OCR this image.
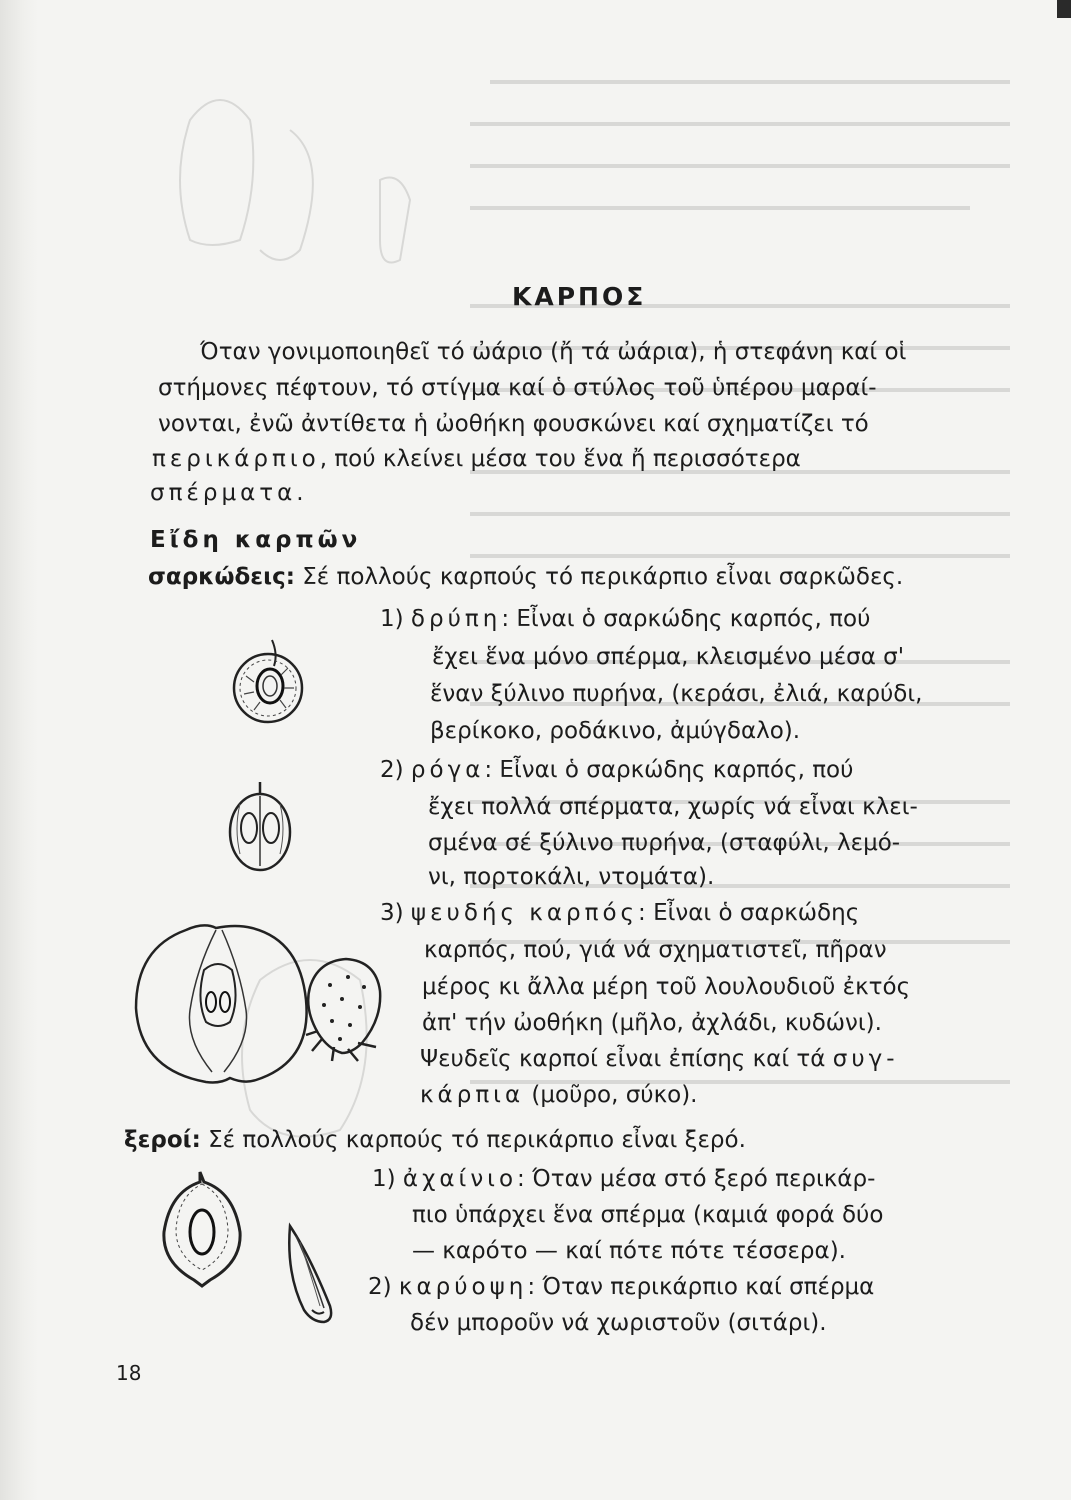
ΚΑΡΠΟΣ
Όταν γονιμοποιηθεῖ τό ὠάριο (ἤ τά ὠάρια), ἡ στεφάνη καί οἱ
στήμονες πέφτουν, τό στίγμα καί ὁ στύλος τοῦ ὑπέρου μαραί-
νονται, ἐνῶ ἀντίθετα ἡ ὠοθήκη φουσκώνει καί σχηματίζει τό
περικάρπιο, πού κλείνει μέσα του ἕνα ἤ περισσότερα
σπέρματα.
Εἴδη καρπῶν
σαρκώδεις: Σέ πολλούς καρπούς τό περικάρπιο εἶναι σαρκῶδες.
1) δρύπη: Εἶναι ὁ σαρκώδης καρπός, πού
ἔχει ἕνα μόνο σπέρμα, κλεισμένο μέσα σ'
ἕναν ξύλινο πυρήνα, (κεράσι, ἐλιά, καρύδι,
βερίκοκο, ροδάκινο, ἀμύγδαλο).
2) ρόγα: Εἶναι ὁ σαρκώδης καρπός, πού
ἔχει πολλά σπέρματα, χωρίς νά εἶναι κλει-
σμένα σέ ξύλινο πυρήνα, (σταφύλι, λεμό-
νι, πορτοκάλι, ντομάτα).
3) ψευδής καρπός: Εἶναι ὁ σαρκώδης
καρπός, πού, γιά νά σχηματιστεῖ, πῆραν
μέρος κι ἄλλα μέρη τοῦ λουλουδιοῦ ἐκτός
ἀπ' τήν ὠοθήκη (μῆλο, ἀχλάδι, κυδώνι).
Ψευδεῖς καρποί εἶναι ἐπίσης καί τά συγ-
κάρπια (μοῦρο, σύκο).
ξεροί: Σέ πολλούς καρπούς τό περικάρπιο εἶναι ξερό.
1) ἀχαίνιο: Όταν μέσα στό ξερό περικάρ-
πιο ὑπάρχει ἕνα σπέρμα (καμιά φορά δύο
— καρότο — καί πότε πότε τέσσερα).
2) καρύοψη: Όταν περικάρπιο καί σπέρμα
δέν μποροῦν νά χωριστοῦν (σιτάρι).
18
